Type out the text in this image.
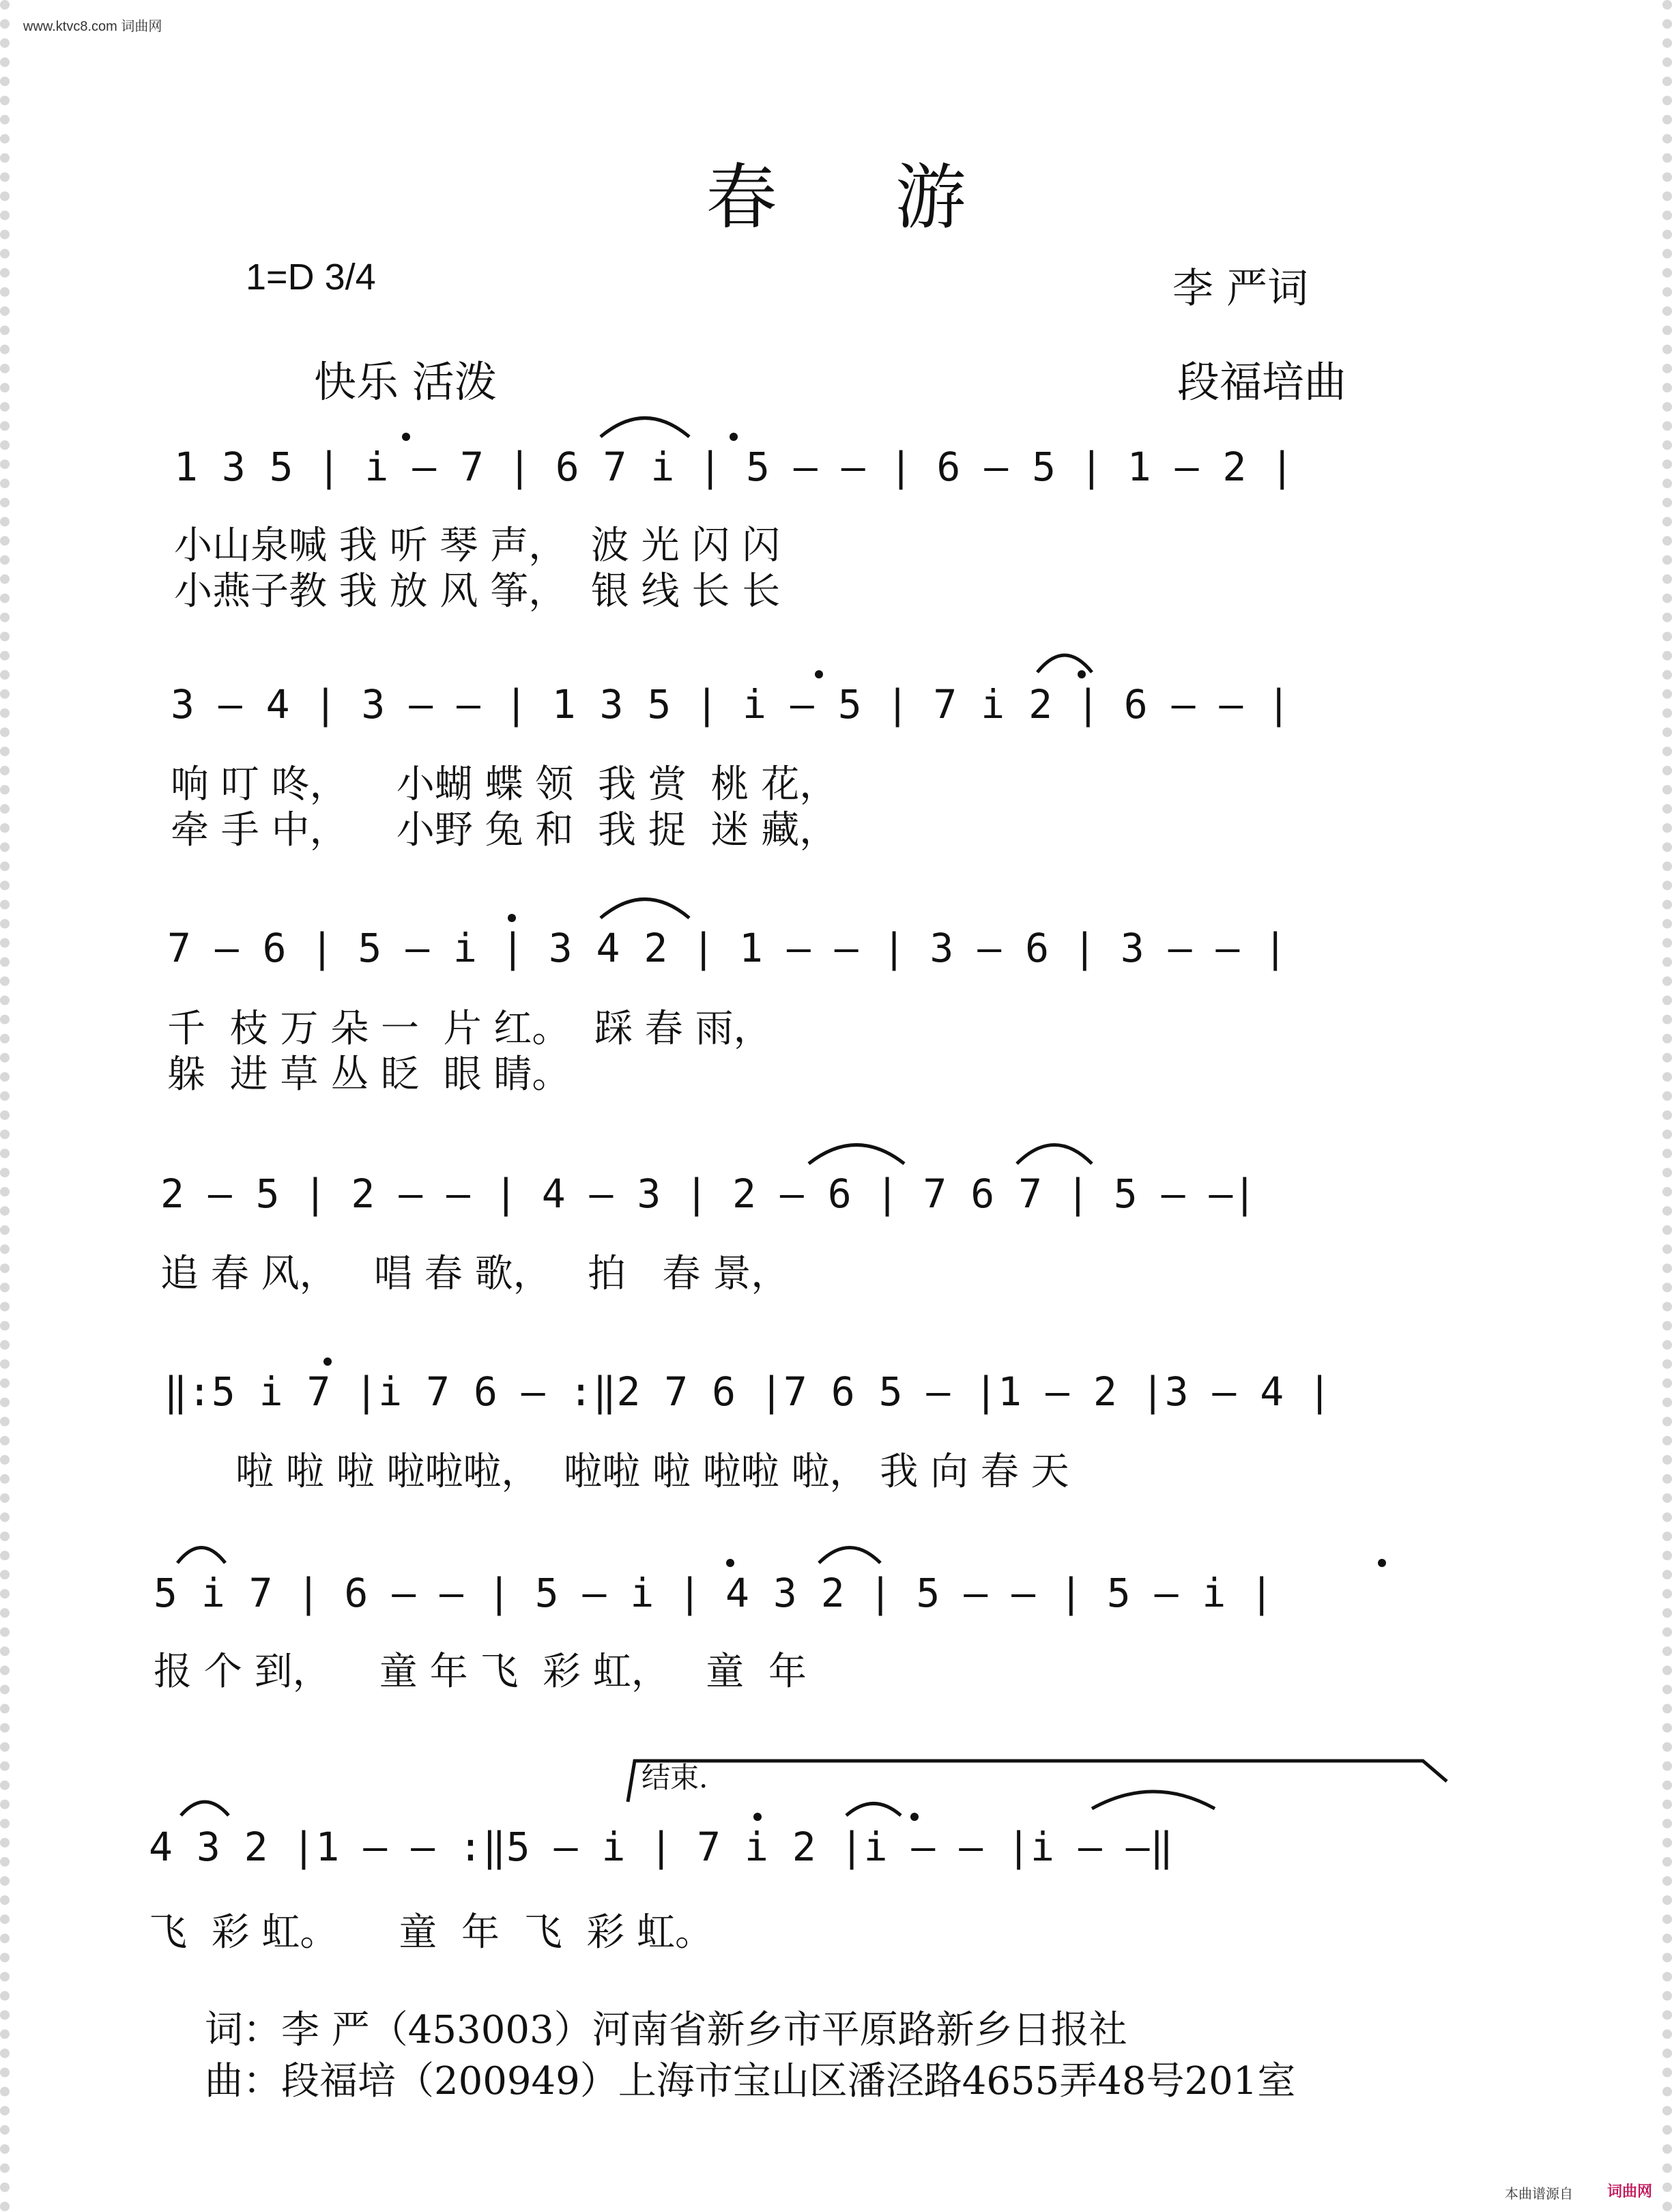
www.ktvc8.com 词曲网
春 游
1=D 3/4	李 严词
快乐 活泼	段福培曲
1 3 5 | i — 7 | 6 7 i | 5 — — | 6 — 5 | 1 — 2 |
小山泉喊 我 听 琴 声，  波 光 闪 闪
小燕子教 我 放 风 筝，  银 线 长 长
3 — 4 | 3 — — | 1 3 5 | i — 5 | 7 i 2 | 6 — — |
响 叮 咚，    小蝴 蝶 领  我 赏  桃 花，
牵 手 中，    小野 兔 和  我 捉  迷 藏，
7 — 6 | 5 — i | 3 4 2 | 1 — — | 3 — 6 | 3 — — |
千  枝 万 朵 一  片 红。  踩 春 雨，
躲  进 草 丛 眨  眼 睛。
2 — 5 | 2 — — | 4 — 3 | 2 — 6 | 7 6 7 | 5 — —|
追 春 风，   唱 春 歌，   拍   春 景，
‖:5 i 7 |i 7 6 — :‖2 7 6 |7 6 5 — |1 — 2 |3 — 4 |
啦 啦 啦 啦啦啦，  啦啦 啦 啦啦 啦， 我 向 春 天
5 i 7 | 6 — — | 5 — i | 4 3 2 | 5 — — | 5 — i |
报 个 到，    童 年 飞  彩 虹，   童  年
结束.
4 3 2 |1 — — :‖5 — i | 7 i 2 |i — — |i — —‖
飞  彩 虹。     童  年  飞  彩 虹。
词：李 严（453003）河南省新乡市平原路新乡日报社
曲：段福培（200949）上海市宝山区潘泾路4655弄48号201室
本曲谱源自 词曲网
